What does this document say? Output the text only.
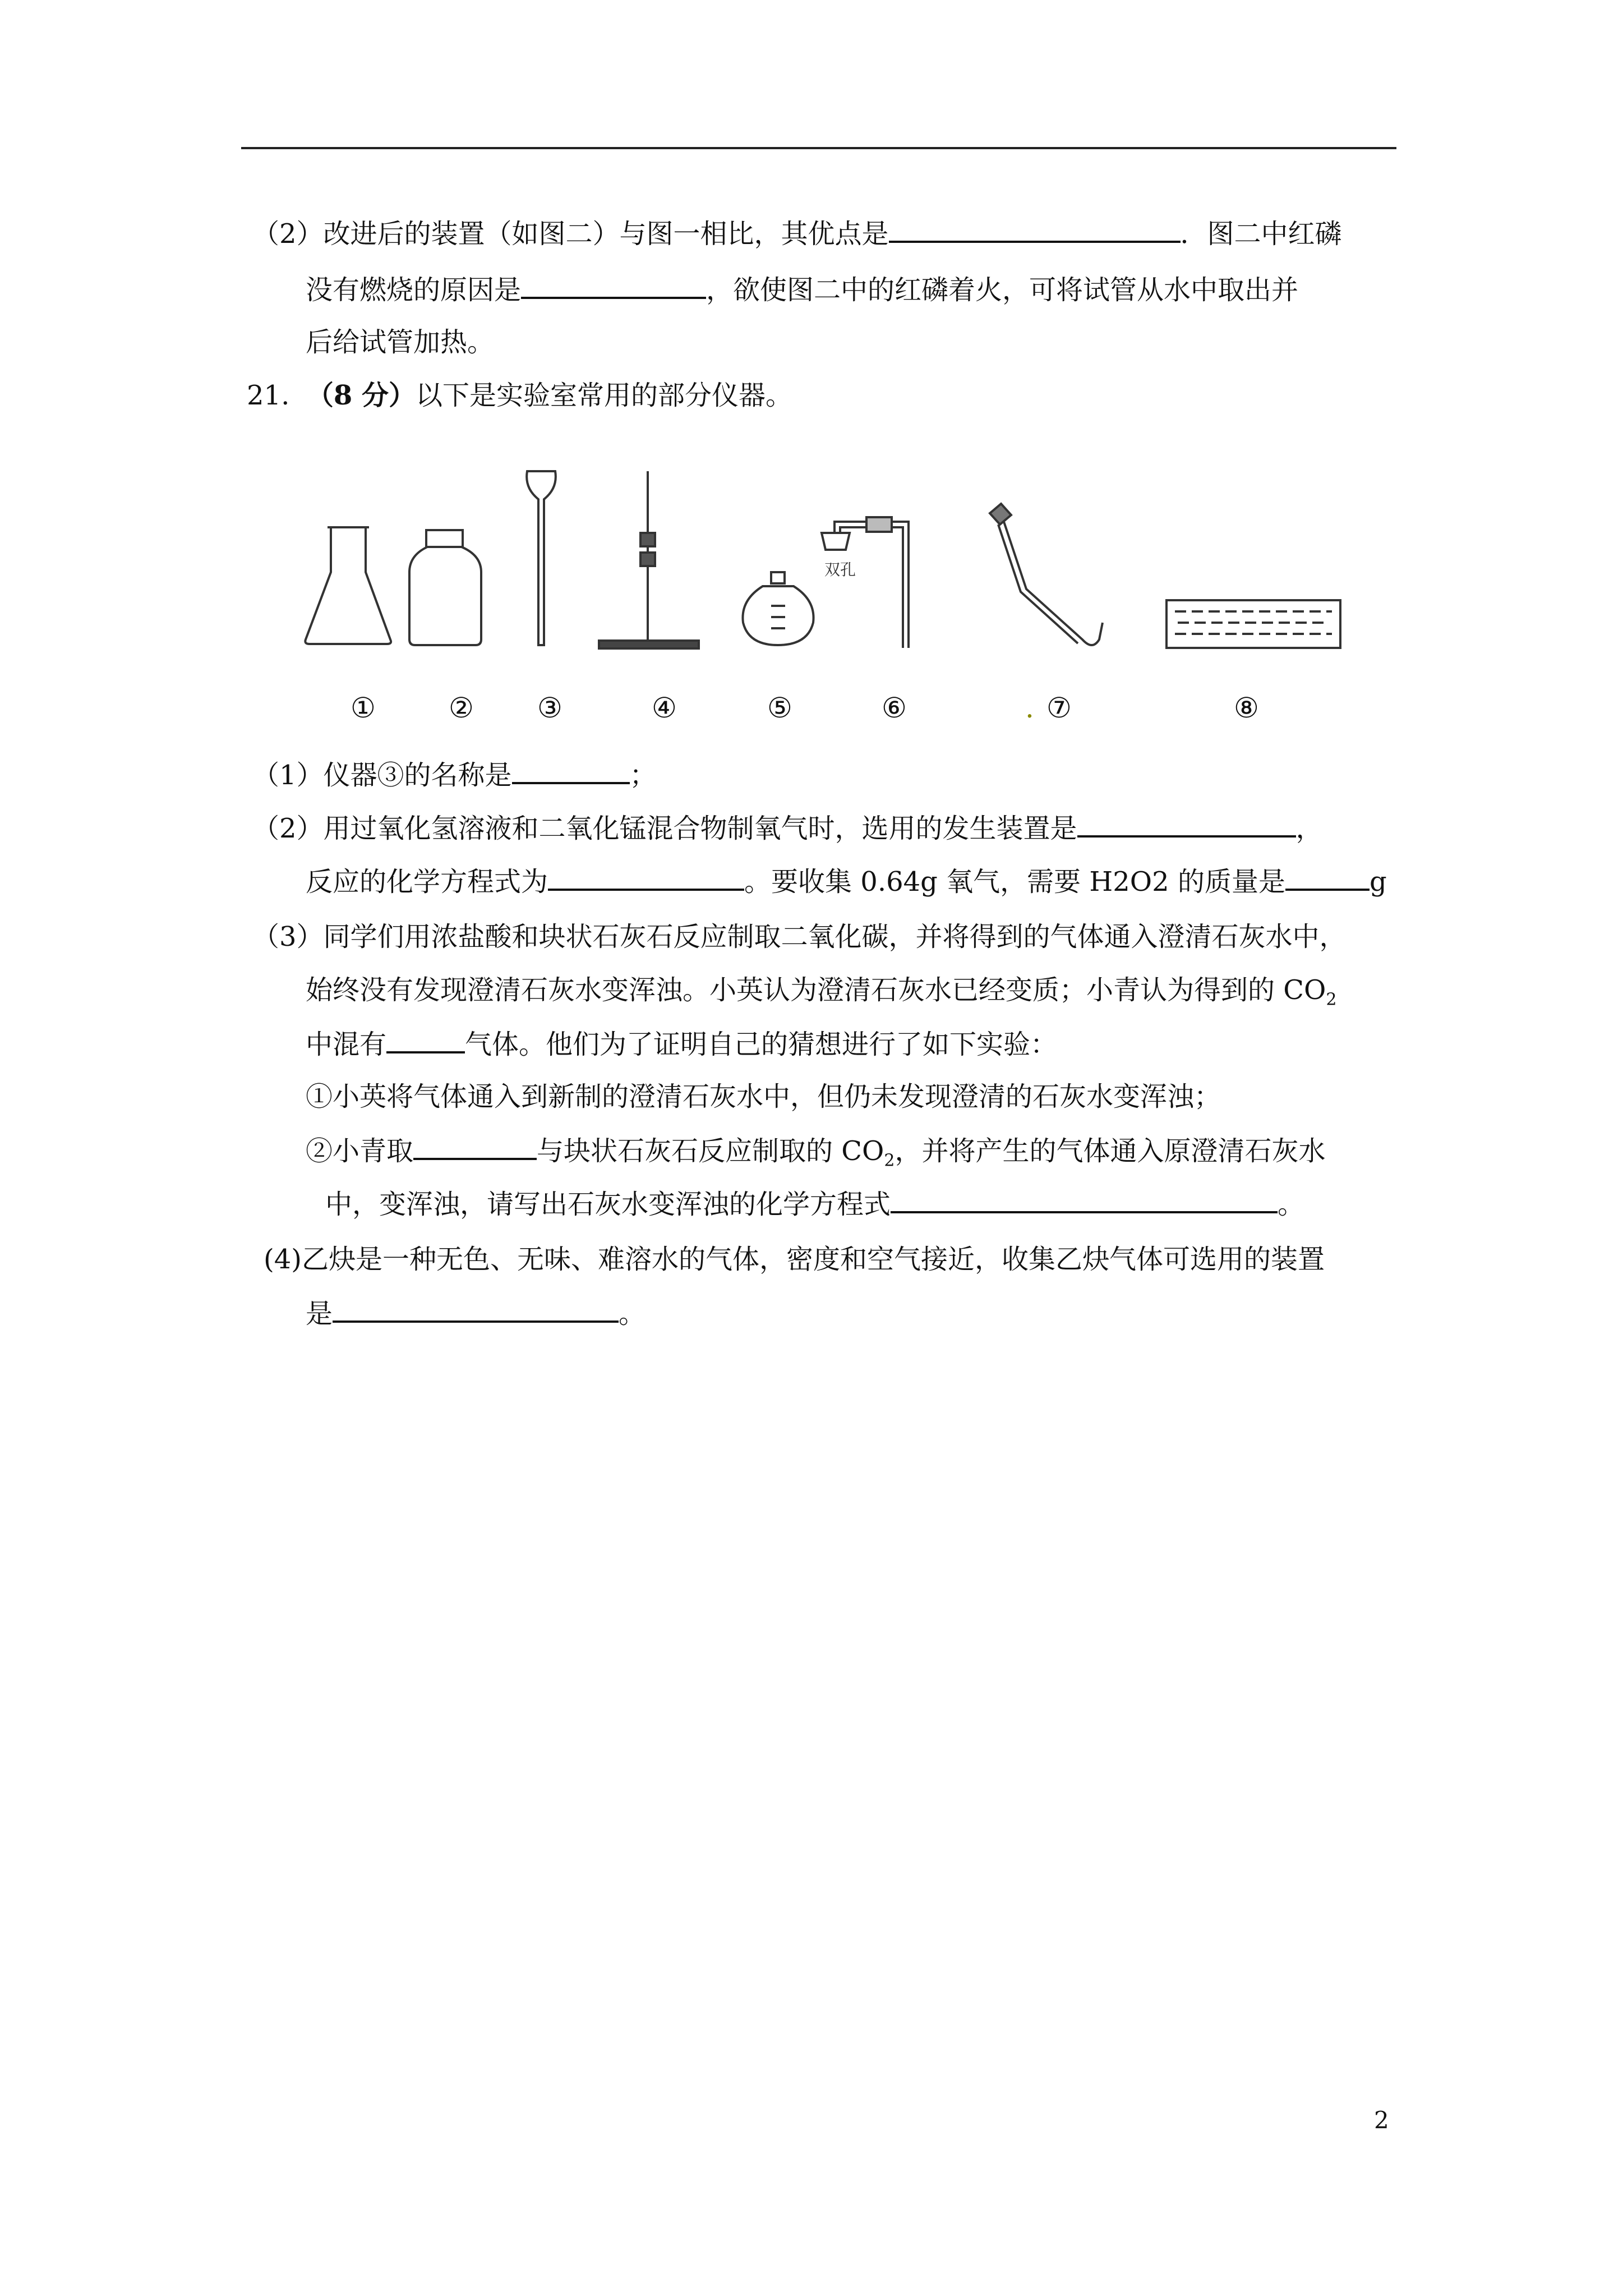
（2）改进后的装置（如图二）与图一相比，其优点是	．图二中红磷
没有燃烧的原因是	，欲使图二中的红磷着火，可将试管从水中取出并
后给试管加热。
21. （8 分）以下是实验室常用的部分仪器。
双孔
①	② ③	④	⑤	⑥	. ⑦	⑧
（1）仪器③的名称是	；
（2）用过氧化氢溶液和二氧化锰混合物制氧气时，选用的发生装置是	，
反应的化学方程式为	。要收集 0.64g 氧气，需要 H2O2 的质量是	g
（3）同学们用浓盐酸和块状石灰石反应制取二氧化碳，并将得到的气体通入澄清石灰水中，
始终没有发现澄清石灰水变浑浊。小英认为澄清石灰水已经变质；小青认为得到的 $CO_2$
中混有	气体。他们为了证明自己的猜想进行了如下实验：
①小英将气体通入到新制的澄清石灰水中，但仍未发现澄清的石灰水变浑浊；
②小青取	与块状石灰石反应制取的 $CO_2$，并将产生的气体通入原澄清石灰水
中，变浑浊，请写出石灰水变浑浊的化学方程式	。
(4)乙炔是一种无色、无味、难溶水的气体，密度和空气接近，收集乙炔气体可选用的装置
是	。
2
